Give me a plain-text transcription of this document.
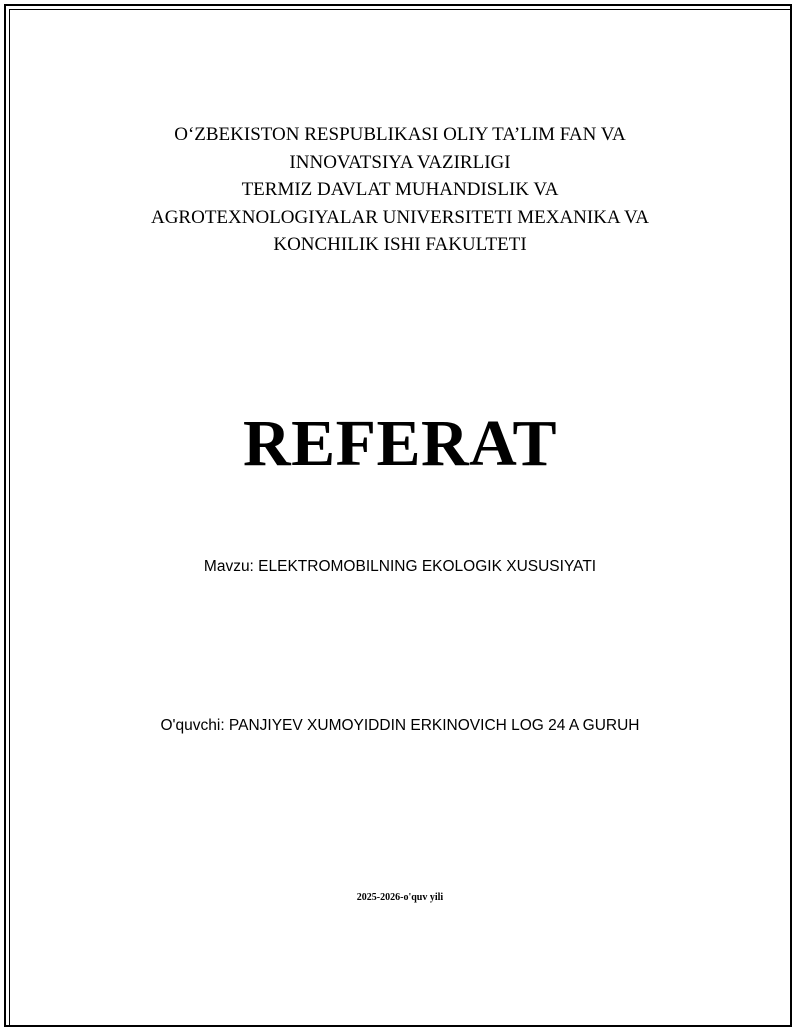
O‘ZBEKISTON RESPUBLIKASI OLIY TA’LIM FAN VA
INNOVATSIYA VAZIRLIGI
TERMIZ DAVLAT MUHANDISLIK VA
AGROTEXNOLOGIYALAR UNIVERSITETI MEXANIKA VA
KONCHILIK ISHI FAKULTETI
REFERAT
Mavzu: ELEKTROMOBILNING EKOLOGIK XUSUSIYATI
O'quvchi: PANJIYEV XUMOYIDDIN ERKINOVICH LOG 24 A GURUH
2025-2026-o'quv yili
